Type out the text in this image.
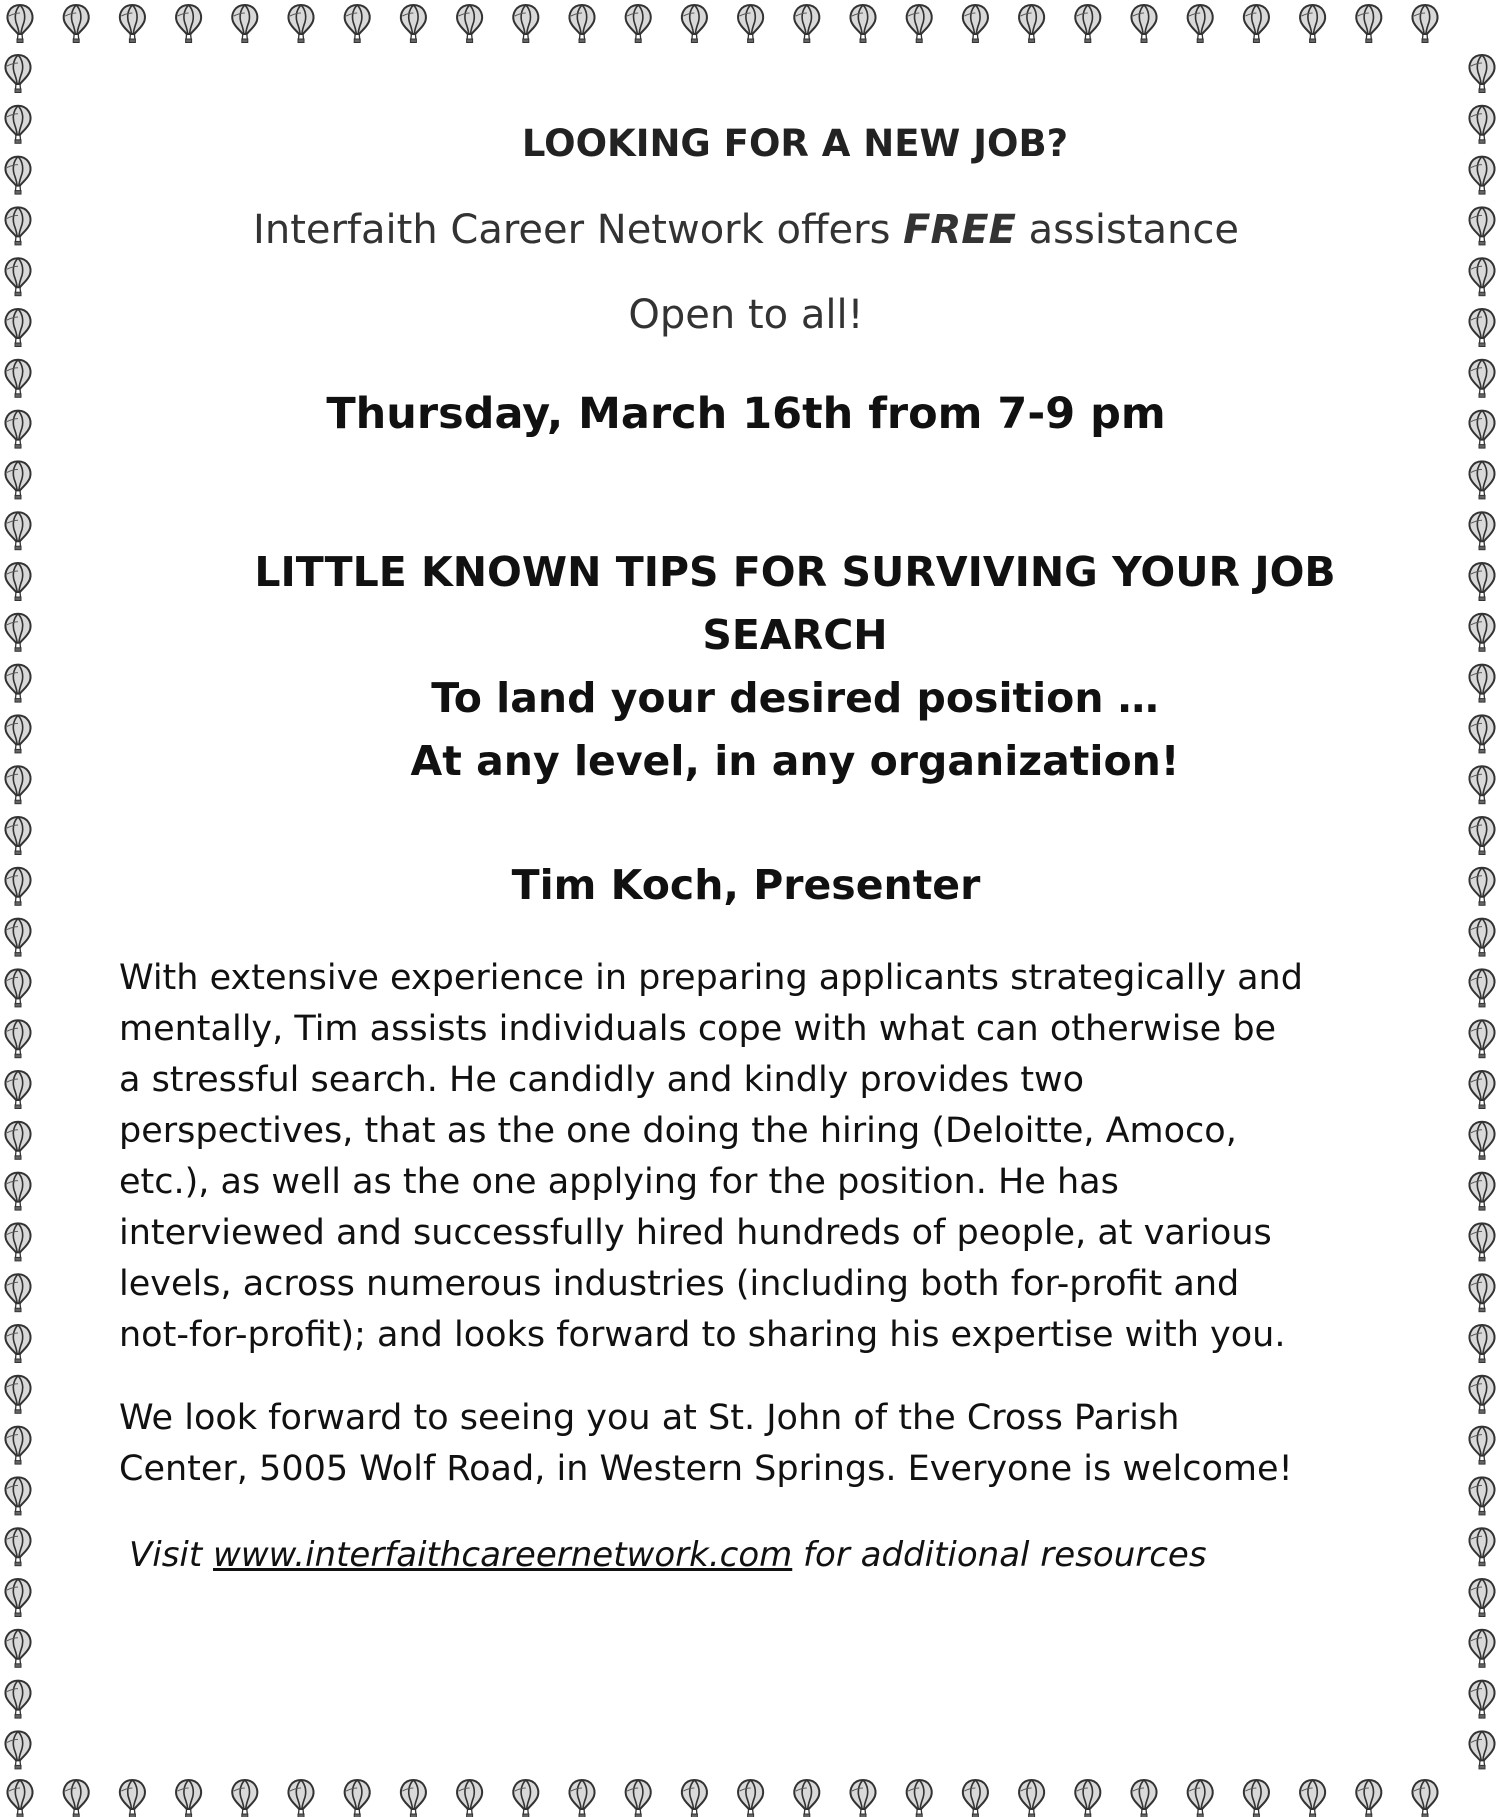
LOOKING FOR A NEW JOB?
Interfaith Career Network offers FREE assistance
Open to all!
Thursday, March 16th from 7-9 pm
LITTLE KNOWN TIPS FOR SURVIVING YOUR JOB
SEARCH
To land your desired position …
At any level, in any organization!
Tim Koch, Presenter
With extensive experience in preparing applicants strategically and
mentally, Tim assists individuals cope with what can otherwise be
a stressful search. He candidly and kindly provides two
perspectives, that as the one doing the hiring (Deloitte, Amoco,
etc.), as well as the one applying for the position. He has
interviewed and successfully hired hundreds of people, at various
levels, across numerous industries (including both for-profit and
not-for-profit); and looks forward to sharing his expertise with you.
We look forward to seeing you at St. John of the Cross Parish
Center, 5005 Wolf Road, in Western Springs. Everyone is welcome!
Visit www.interfaithcareernetwork.com for additional resources
